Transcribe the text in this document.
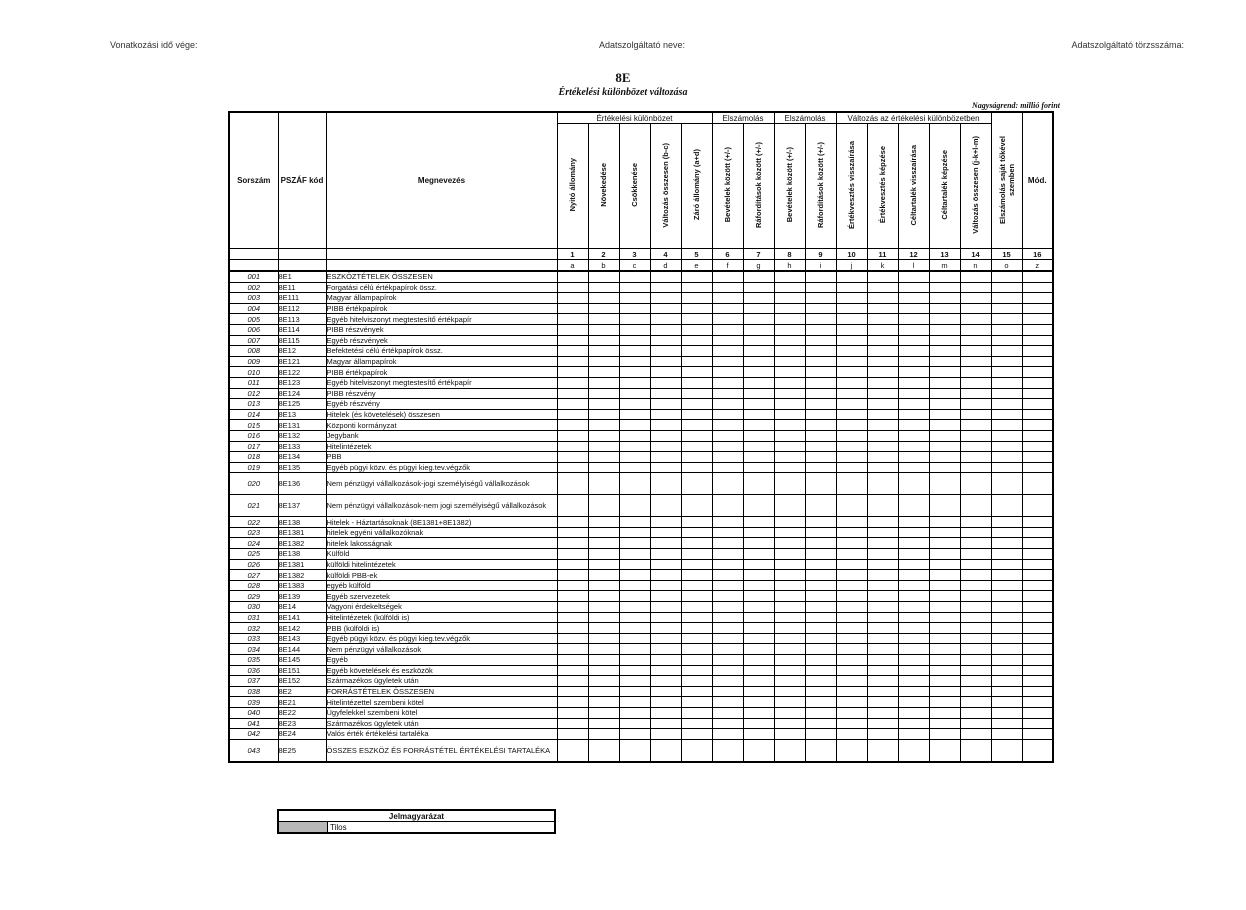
Vonatkozási idő vége:	Adatszolgáltató neve:	Adatszolgáltató törzsszáma:
8E
Értékelési különbözet változása
Nagyságrend: millió forint
Sorszám	PSZÁF kód	Megnevezés	Értékelési különbözet					Elszámolás		Elszámolás		Változás az értékelési különbözetben					Elszámolás saját tőkével szemben	Mód.
			Nyitó állomány	Növekedése	Csökkenése	Változás összesen (b-c)	Záró állomány (a+d)	Bevételek között (+/-)	Ráfordítások között (+/-)	Bevételek között (+/-)	Ráfordítások között (+/-)	Értékvesztés visszaírása	Értékvesztés képzése	Céltartalék visszaírása	Céltartalék képzése	Változás összesen (j-k+l-m)		
			1	2	3	4	5	6	7	8	9	10	11	12	13	14	15	16
			a	b	c	d	e	f	g	h	i	j	k	l	m	n	o	z
001	8E1	ESZKÖZTÉTELEK ÖSSZESEN																
002	8E11	Forgatási célú értékpapírok össz.																
003	8E111	Magyar állampapírok																
004	8E112	PIBB értékpapírok																
005	8E113	Egyéb hitelviszonyt megtestesítő értékpapír																
006	8E114	PIBB részvények																
007	8E115	Egyéb részvények																
008	8E12	Befektetési célú értékpapírok össz.																
009	8E121	Magyar állampapírok																
010	8E122	PIBB értékpapírok																
011	8E123	Egyéb hitelviszonyt megtestesítő értékpapír																
012	8E124	PIBB részvény																
013	8E125	Egyéb részvény																
014	8E13	Hitelek (és követelések) összesen																
015	8E131	Központi kormányzat																
016	8E132	Jegybank																
017	8E133	Hitelintézetek																
018	8E134	PBB																
019	8E135	Egyéb pügyi közv. és pügyi kieg.tev.végzők																
020	8E136	Nem pénzügyi vállalkozások-jogi személyiségű vállalkozások																
021	8E137	Nem pénzügyi vállalkozások-nem jogi személyiségű vállalkozások																
022	8E138	Hitelek - Háztartásoknak (8E1381+8E1382)																
023	8E1381	hitelek egyéni vállalkozóknak																
024	8E1382	hitelek lakosságnak																
025	8E138	Külföld																
026	8E1381	külföldi hitelintézetek																
027	8E1382	külföldi PBB-ek																
028	8E1383	egyéb külföld																
029	8E139	Egyéb szervezetek																
030	8E14	Vagyoni érdekeltségek																
031	8E141	Hitelintézetek (külföldi is)																
032	8E142	PBB (külföldi is)																
033	8E143	Egyéb pügyi közv. és pügyi kieg.tev.végzők																
034	8E144	Nem pénzügyi vállalkozások																
035	8E145	Egyéb																
036	8E151	Egyéb követelések és eszközök																
037	8E152	Származékos ügyletek után																
038	8E2	FORRÁSTÉTELEK ÖSSZESEN																
039	8E21	Hitelintézettel szembeni kötel																
040	8E22	Ügyfelekkel szembeni kötel																
041	8E23	Származékos ügyletek után																
042	8E24	Valós érték értékelési tartaléka																
043	8E25	ÖSSZES ESZKÖZ ÉS FORRÁSTÉTEL ÉRTÉKELÉSI TARTALÉKA																
Jelmagyarázat
	Tilos
